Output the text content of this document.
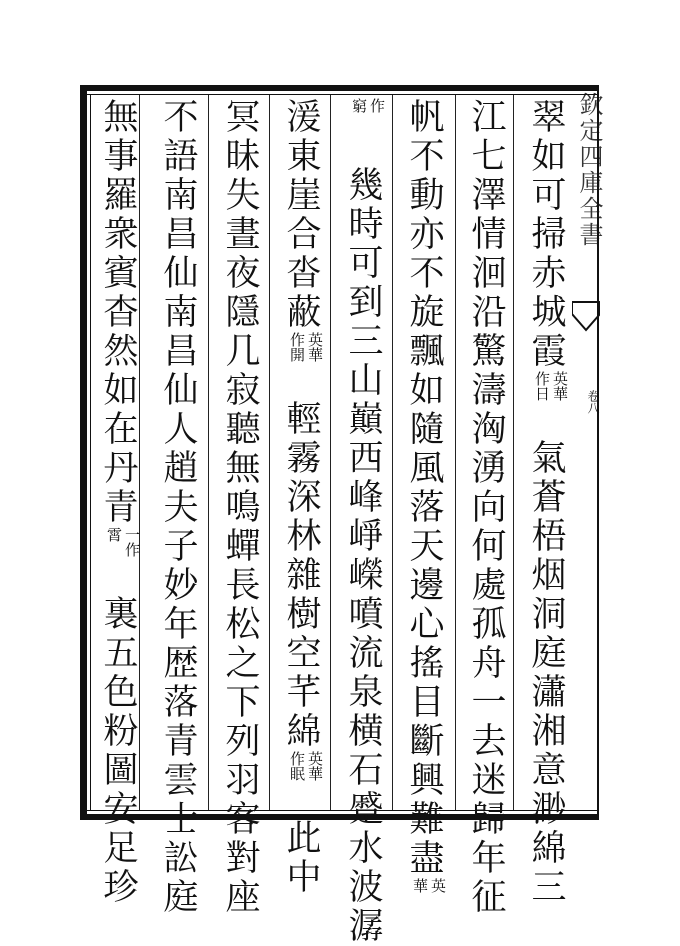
欽定四庫全書
卷八
翠如可掃赤城霞作日英華氣蒼梧烟洞庭瀟湘意渺綿三
江七澤情洄沿驚濤洶湧向何處孤舟一去迷歸年征
帆不動亦不旋飄如隨風落天邊心搖目斷興難盡華英
窮作幾時可到三山巔西峰崢嶸噴流泉横石蹙水波潺
湲東崖合沓蔽作開英華輕霧深林雜樹空芊綿作眠英華此中
冥昧失晝夜隱几寂聽無鳴蟬長松之下列羽客對座
不語南昌仙南昌仙人趙夫子妙年歴落青雲士訟庭
無事羅衆賓杳然如在丹青霄一作裏五色粉圖安足珍
